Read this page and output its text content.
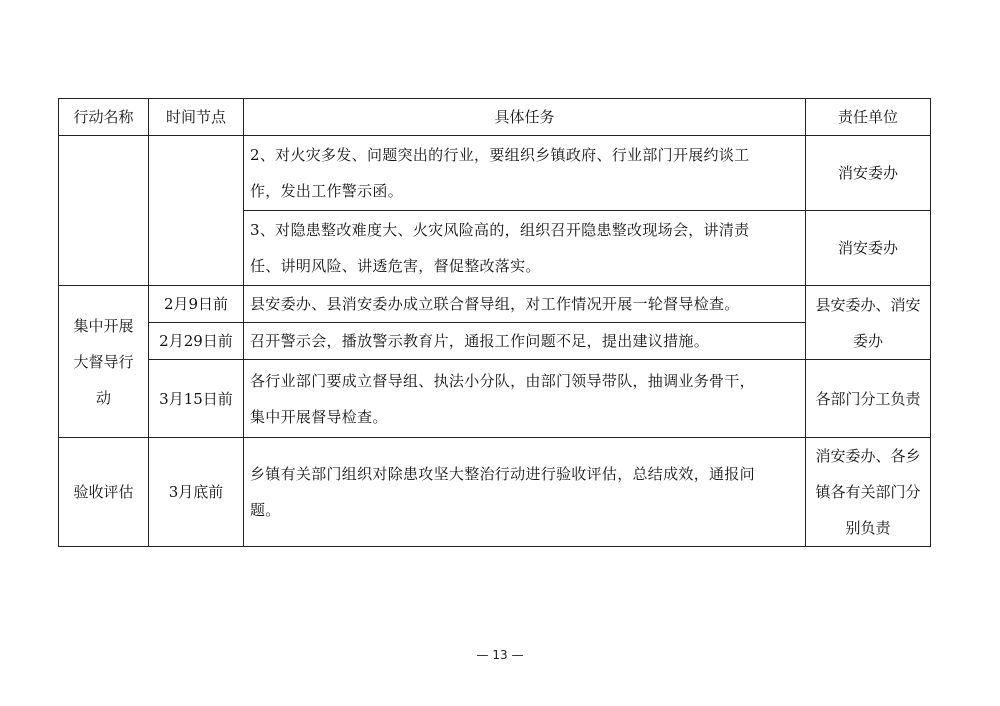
行动名称	时间节点	具体任务	责任单位

		2、对火灾多发、问题突出的行业，要组织乡镇政府、行业部门开展约谈工
作，发出工作警示函。	消安委办

		3、对隐患整改难度大、火灾风险高的，组织召开隐患整改现场会，讲清责
任、讲明风险、讲透危害，督促整改落实。	消安委办

集中开展
大督导行
动	2月9日前	县安委办、县消安委办成立联合督导组，对工作情况开展一轮督导检查。	县安委办、消安
委办

	2月29日前	召开警示会，播放警示教育片，通报工作问题不足，提出建议措施。	

	3月15日前	各行业部门要成立督导组、执法小分队，由部门领导带队，抽调业务骨干，
集中开展督导检查。	各部门分工负责
验收评估	3月底前	乡镇有关部门组织对除患攻坚大整治行动进行验收评估，总结成效，通报问
题。	消安委办、各乡
镇各有关部门分
别负责
— 13 —
